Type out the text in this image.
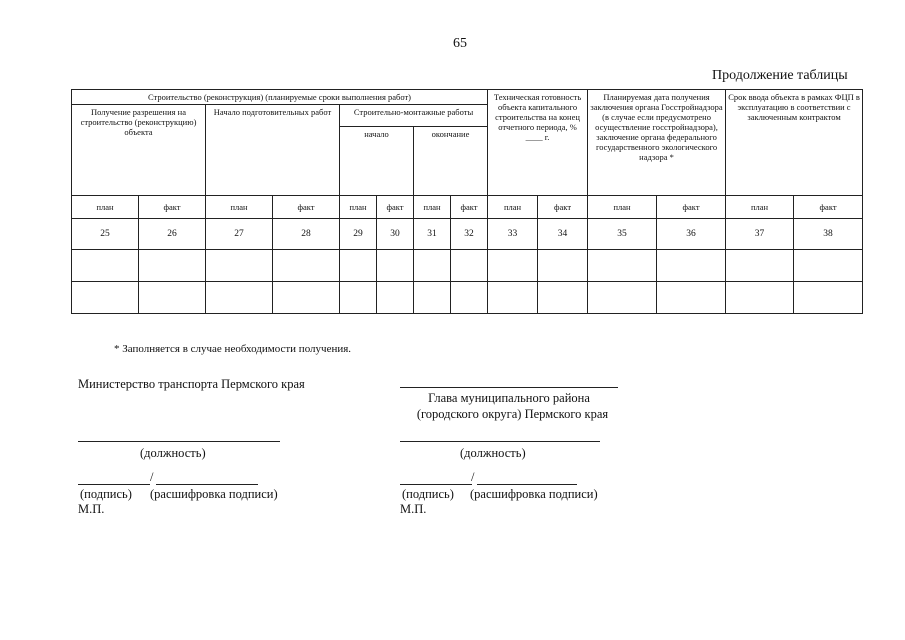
65
Продолжение таблицы
Строительство (реконструкция) (планируемые сроки выполнения работ)								Техническая готовность объекта капитального строительства на конец отчетного периода, % ____ г.		Планируемая дата получения заключения органа Госстройнадзора (в случае если предусмотрено осуществление госстройнадзора), заключение органа федерального государственного экологического надзора *		Срок ввода объекта в рамках ФЦП в эксплуатацию в соответствии с заключенным контрактом	
Получение разрешения на строительство (реконструкцию) объекта		Начало подготовительных работ		Строительно-монтажные работы									
				начало		окончание							
план	факт	план	факт	план	факт	план	факт	план	факт	план	факт	план	факт
25	26	27	28	29	30	31	32	33	34	35	36	37	38

* Заполняется в случае необходимости получения.
Министерство транспорта Пермского края
(должность)
/
(подпись) (расшифровка подписи)
М.П.
Глава муниципального района
(городского округа) Пермского края
(должность)
/
(подпись) (расшифровка подписи)
М.П.
